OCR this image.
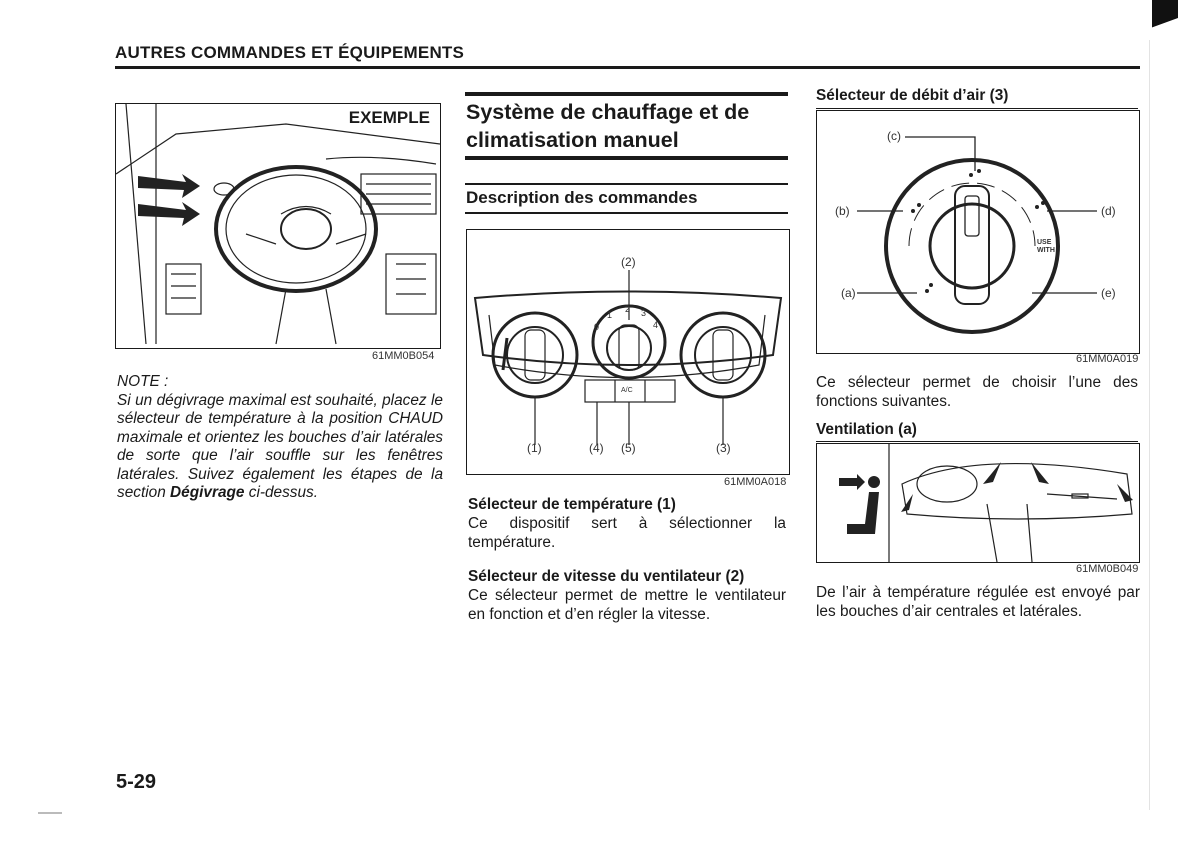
AUTRES COMMANDES ET ÉQUIPEMENTS
EXEMPLE
61MM0B054
NOTE :
Si un dégivrage maximal est souhaité, placez le sélecteur de température à la position CHAUD maximale et orientez les bouches d’air latérales de sorte que l’air souffle sur les fenêtres latérales. Suivez également les étapes de la section Dégivrage ci-dessus.
Système de chauffage et de climatisation manuel
Description des commandes
(2)
0
1
2 3
4
A/C
(1)	(4) (5)	(3)
61MM0A018
Sélecteur de température (1)
Ce dispositif sert à sélectionner la température.
Sélecteur de vitesse du ventilateur (2)
Ce sélecteur permet de mettre le ventilateur en fonction et d’en régler la vitesse.
Sélecteur de débit d’air (3)
(c)
(b)
(a)
(d)
(e)
USE WITH
61MM0A019
Ce sélecteur permet de choisir l’une des fonctions suivantes.
Ventilation (a)
61MM0B049
De l’air à température régulée est envoyé par les bouches d’air centrales et latérales.
5-29
